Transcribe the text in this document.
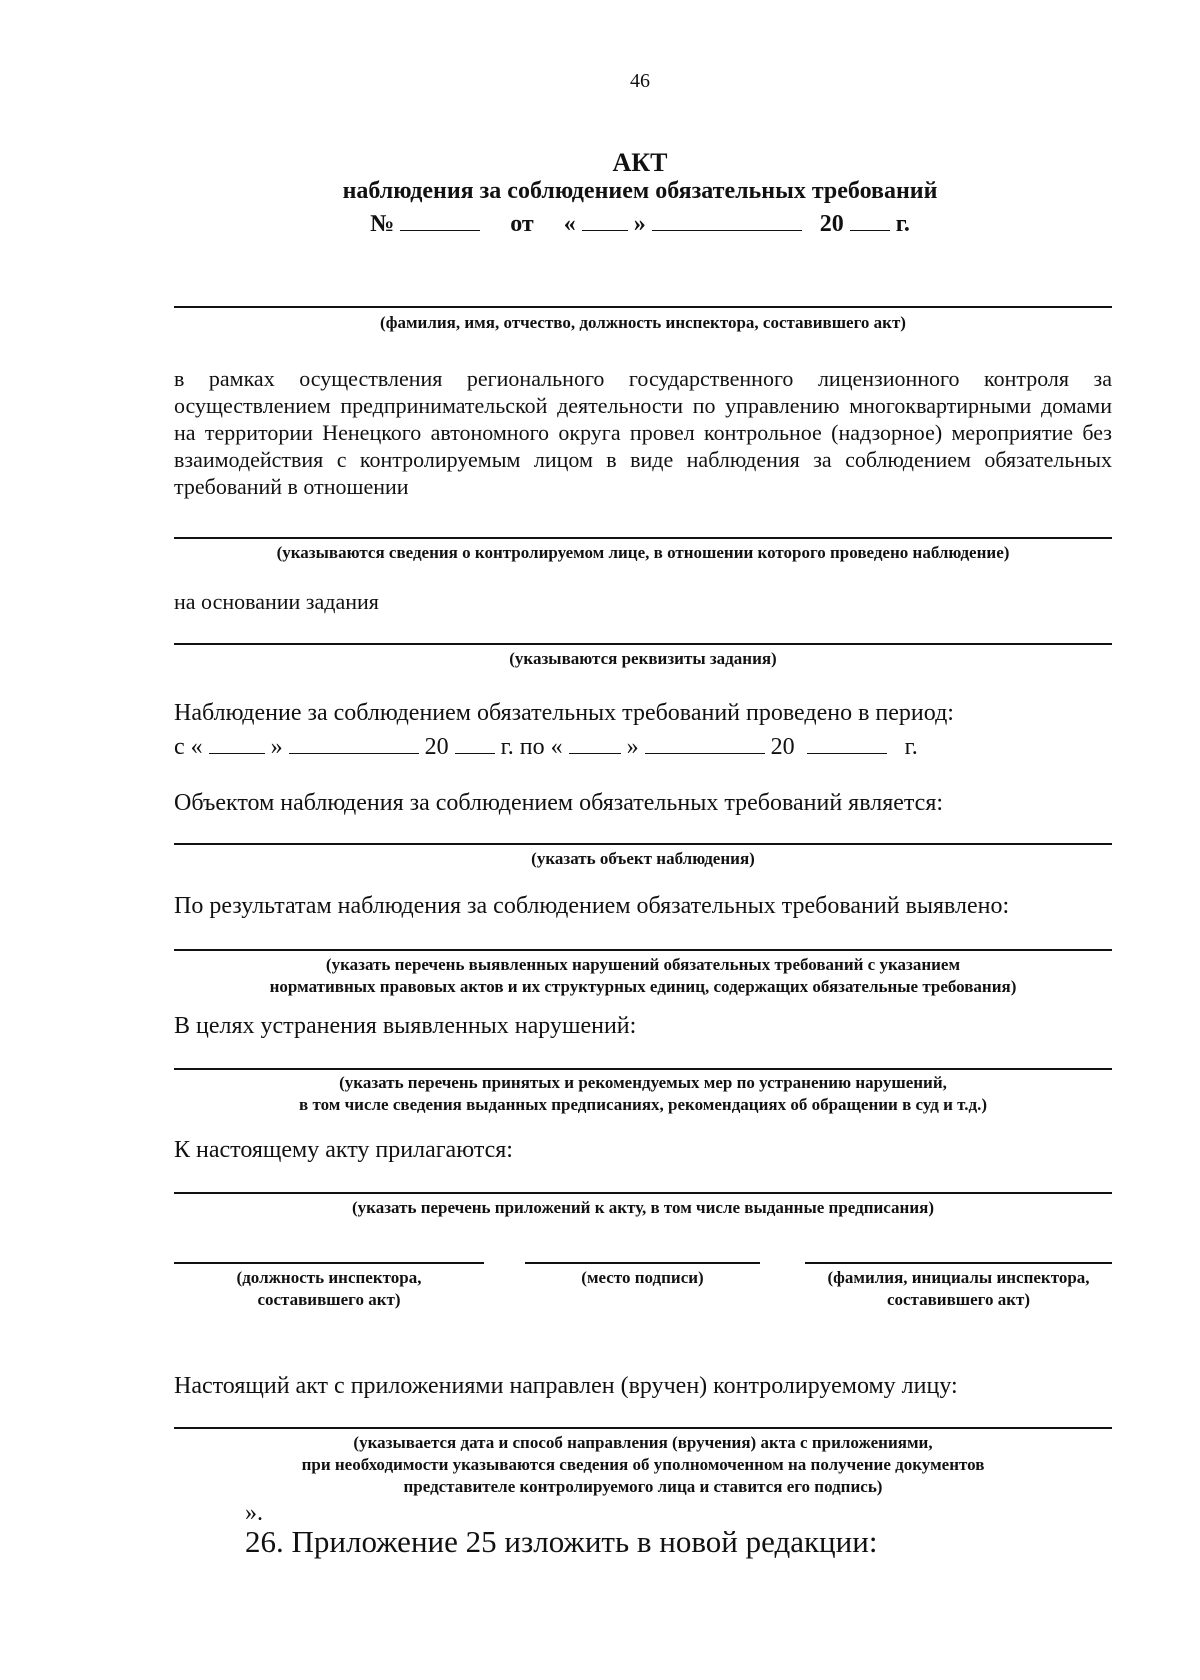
46
АКТ
наблюдения за соблюдением обязательных требований
№	от « »	20 г.
(фамилия, имя, отчество, должность инспектора, составившего акт)
в рамках осуществления регионального государственного лицензионного контроля за осуществлением предпринимательской деятельности по управлению многоквартирными домами на территории Ненецкого автономного округа провел контрольное (надзорное) мероприятие без взаимодействия с контролируемым лицом в виде наблюдения за соблюдением обязательных требований в отношении
(указываются сведения о контролируемом лице, в отношении которого проведено наблюдение)
на основании задания
(указываются реквизиты задания)
Наблюдение за соблюдением обязательных требований проведено в период:
с «	»	20 г. по «	»	20	г.
Объектом наблюдения за соблюдением обязательных требований является:
(указать объект наблюдения)
По результатам наблюдения за соблюдением обязательных требований выявлено:
(указать перечень выявленных нарушений обязательных требований с указанием
нормативных правовых актов и их структурных единиц, содержащих обязательные требования)
В целях устранения выявленных нарушений:
(указать перечень принятых и рекомендуемых мер по устранению нарушений,
в том числе сведения выданных предписаниях, рекомендациях об обращении в суд и т.д.)
К настоящему акту прилагаются:
(указать перечень приложений к акту, в том числе выданные предписания)
(должность инспектора,
составившего акт)
(место подписи)	(фамилия, инициалы инспектора,
составившего акт)
Настоящий акт с приложениями направлен (вручен) контролируемому лицу:
(указывается дата и способ направления (вручения) акта с приложениями,
при необходимости указываются сведения об уполномоченном на получение документов
представителе контролируемого лица и ставится его подпись)
».
26. Приложение 25 изложить в новой редакции:
